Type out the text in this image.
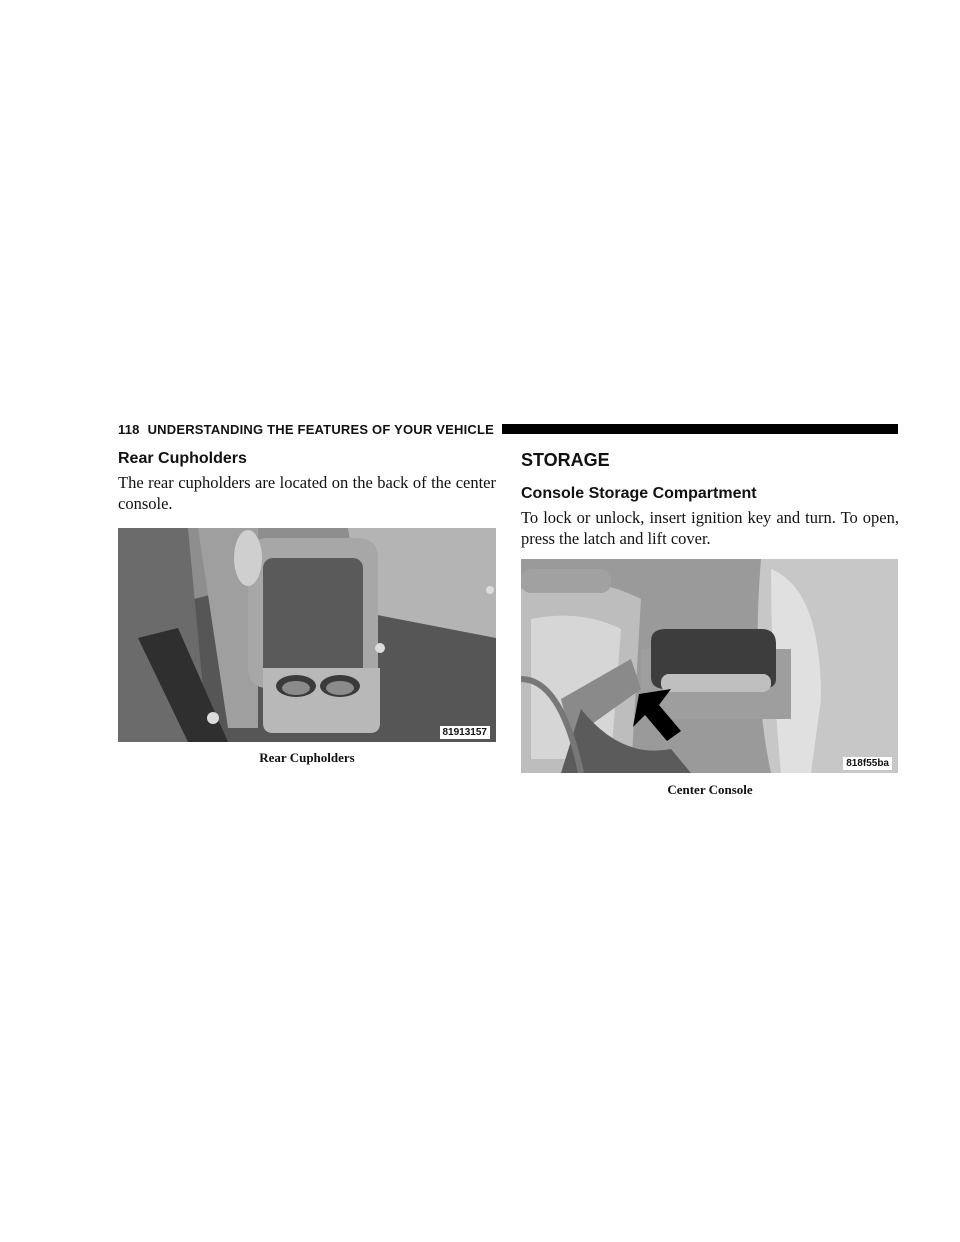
118 UNDERSTANDING THE FEATURES OF YOUR VEHICLE
Rear Cupholders

The rear cupholders are located on the back of the center console.

81913157
Rear Cupholders
STORAGE
Console Storage Compartment

To lock or unlock, insert ignition key and turn. To open, press the latch and lift cover.

818f55ba
Center Console
